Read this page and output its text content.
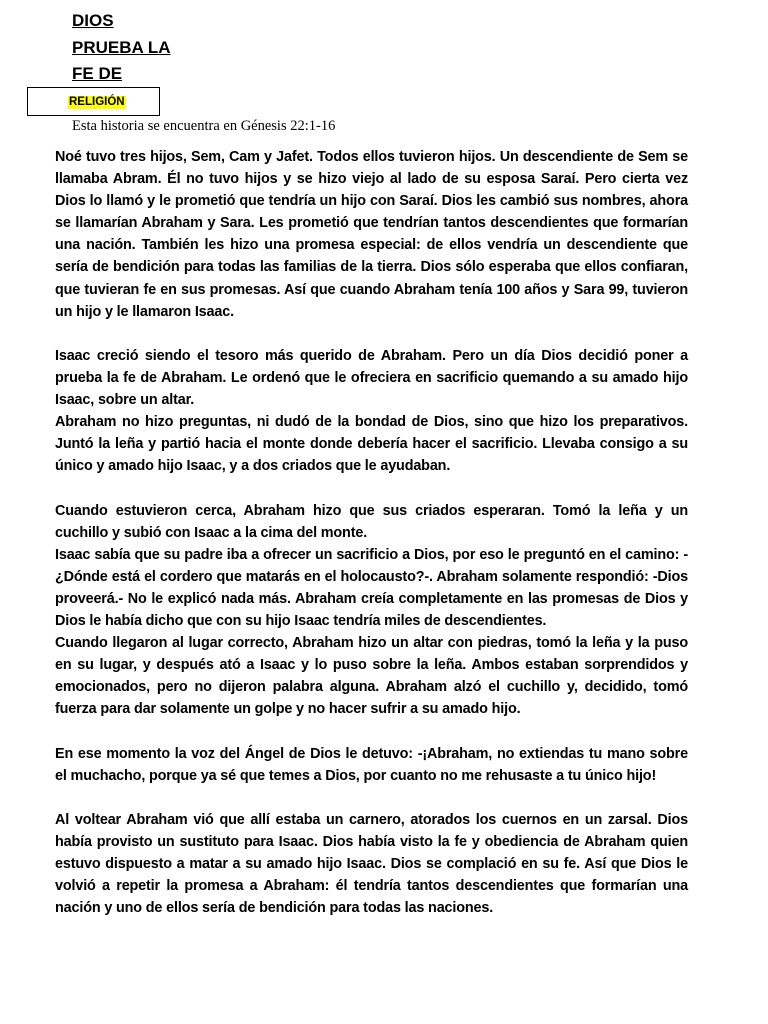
DIOS
PRUEBA LA
FE DE
RELIGIÓN
Esta historia se encuentra en Génesis 22:1-16

Noé tuvo tres hijos, Sem, Cam y Jafet. Todos ellos tuvieron hijos. Un descendiente de Sem se llamaba Abram. Él no tuvo hijos y se hizo viejo al lado de su esposa Saraí. Pero cierta vez Dios lo llamó y le prometió que tendría un hijo con Saraí. Dios les cambió sus nombres, ahora se llamarían Abraham y Sara. Les prometió que tendrían tantos descendientes que formarían una nación. También les hizo una promesa especial: de ellos vendría un descendiente que sería de bendición para todas las familias de la tierra. Dios sólo esperaba que ellos confiaran, que tuvieran fe en sus promesas. Así que cuando Abraham tenía 100 años y Sara 99, tuvieron un hijo y le llamaron Isaac.

Isaac creció siendo el tesoro más querido de Abraham. Pero un día Dios decidió poner a prueba la fe de Abraham. Le ordenó que le ofreciera en sacrificio quemando a su amado hijo Isaac, sobre un altar.

Abraham no hizo preguntas, ni dudó de la bondad de Dios, sino que hizo los preparativos. Juntó la leña y partió hacia el monte donde debería hacer el sacrificio. Llevaba consigo a su único y amado hijo Isaac, y a dos criados que le ayudaban.

Cuando estuvieron cerca, Abraham hizo que sus criados esperaran. Tomó la leña y un cuchillo y subió con Isaac a la cima del monte.

Isaac sabía que su padre iba a ofrecer un sacrificio a Dios, por eso le preguntó en el camino: -¿Dónde está el cordero que matarás en el holocausto?-. Abraham solamente respondió: -Dios proveerá.- No le explicó nada más. Abraham creía completamente en las promesas de Dios y Dios le había dicho que con su hijo Isaac tendría miles de descendientes.

Cuando llegaron al lugar correcto, Abraham hizo un altar con piedras, tomó la leña y la puso en su lugar, y después ató a Isaac y lo puso sobre la leña. Ambos estaban sorprendidos y emocionados, pero no dijeron palabra alguna. Abraham alzó el cuchillo y, decidido, tomó fuerza para dar solamente un golpe y no hacer sufrir a su amado hijo.

En ese momento la voz del Ángel de Dios le detuvo: -¡Abraham, no extiendas tu mano sobre el muchacho, porque ya sé que temes a Dios, por cuanto no me rehusaste a tu único hijo!

Al voltear Abraham vió que allí estaba un carnero, atorados los cuernos en un zarsal. Dios había provisto un sustituto para Isaac. Dios había visto la fe y obediencia de Abraham quien estuvo dispuesto a matar a su amado hijo Isaac. Dios se complació en su fe. Así que Dios le volvió a repetir la promesa a Abraham: él tendría tantos descendientes que formarían una nación y uno de ellos sería de bendición para todas las naciones.
